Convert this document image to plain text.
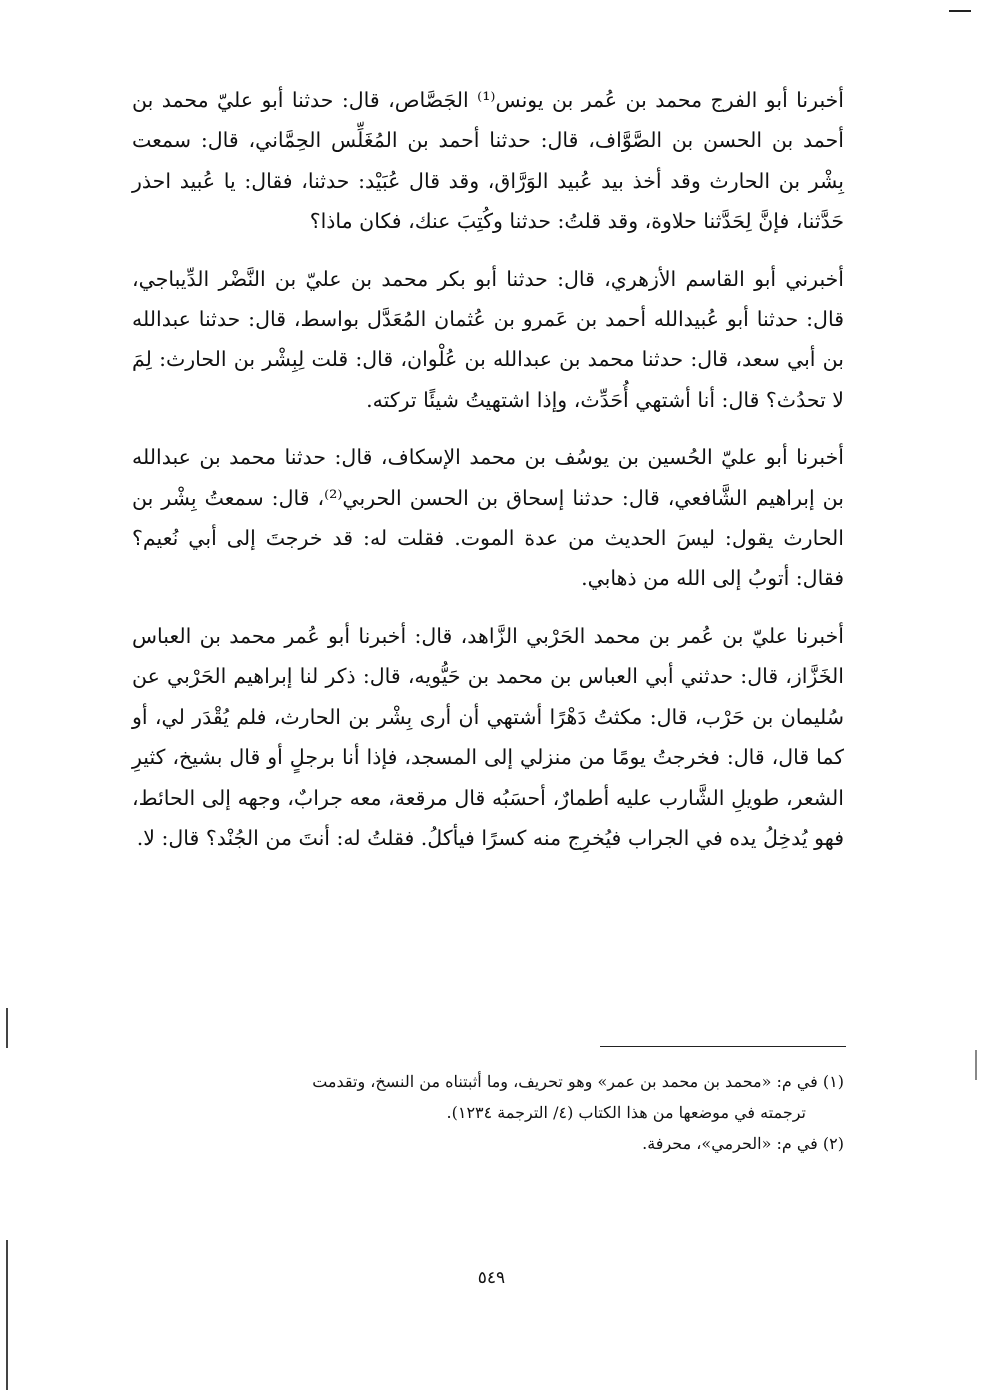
أخبرنا أبو الفرج محمد بن عُمر بن يونس⁽¹⁾ الجَصَّاص، قال: حدثنا أبو عليّ محمد بن أحمد بن الحسن بن الصَّوَّاف، قال: حدثنا أحمد بن المُغَلِّس الحِمَّاني، قال: سمعت بِشْر بن الحارث وقد أخذ بيد عُبيد الوَرَّاق، وقد قال عُبَيْد: حدثنا، فقال: يا عُبيد احذر حَدَّثنا، فإنَّ لِحَدَّثنا حلاوة، وقد قلتُ: حدثنا وكُتِبَ عنك، فكان ماذا؟

أخبرني أبو القاسم الأزهري، قال: حدثنا أبو بكر محمد بن عليّ بن النَّضْر الدِّيباجي، قال: حدثنا أبو عُبيدالله أحمد بن عَمرو بن عُثمان المُعَدَّل بواسط، قال: حدثنا عبدالله بن أبي سعد، قال: حدثنا محمد بن عبدالله بن عُلْوان، قال: قلت لِبِشْر بن الحارث: لِمَ لا تحدُث؟ قال: أنا أشتهي أُحَدِّث، وإذا اشتهيتُ شيئًا تركته.

أخبرنا أبو عليّ الحُسين بن يوسُف بن محمد الإسكاف، قال: حدثنا محمد بن عبدالله بن إبراهيم الشَّافعي، قال: حدثنا إسحاق بن الحسن الحربي⁽²⁾، قال: سمعتُ بِشْر بن الحارث يقول: ليسَ الحديث من عدة الموت. فقلت له: قد خرجتَ إلى أبي نُعيم؟ فقال: أتوبُ إلى الله من ذهابي.

أخبرنا عليّ بن عُمر بن محمد الحَرْبي الزَّاهد، قال: أخبرنا أبو عُمر محمد بن العباس الخَزَّاز، قال: حدثني أبي العباس بن محمد بن حَيُّويه، قال: ذكر لنا إبراهيم الحَرْبي عن سُليمان بن حَرْب، قال: مكثتُ دَهْرًا أشتهي أن أرى بِشْر بن الحارث، فلم يُقْدَر لي، أو كما قال، قال: فخرجتُ يومًا من منزلي إلى المسجد، فإذا أنا برجلٍ أو قال بشيخ، كثيرِ الشعر، طويلِ الشَّارب عليه أطمارٌ، أحسَبُه قال مرقعة، معه جرابٌ، وجهه إلى الحائط، فهو يُدخِلُ يده في الجراب فيُخرِج منه كسرًا فيأكلُ. فقلتُ له: أنتَ من الجُنْد؟ قال: لا.

(١) في م: «محمد بن محمد بن عمر» وهو تحريف، وما أثبتناه من النسخ، وتقدمت

ترجمته في موضعها من هذا الكتاب (٤/ الترجمة ١٢٣٤).

(٢) في م: «الحرمي»، محرفة.

٥٤٩
